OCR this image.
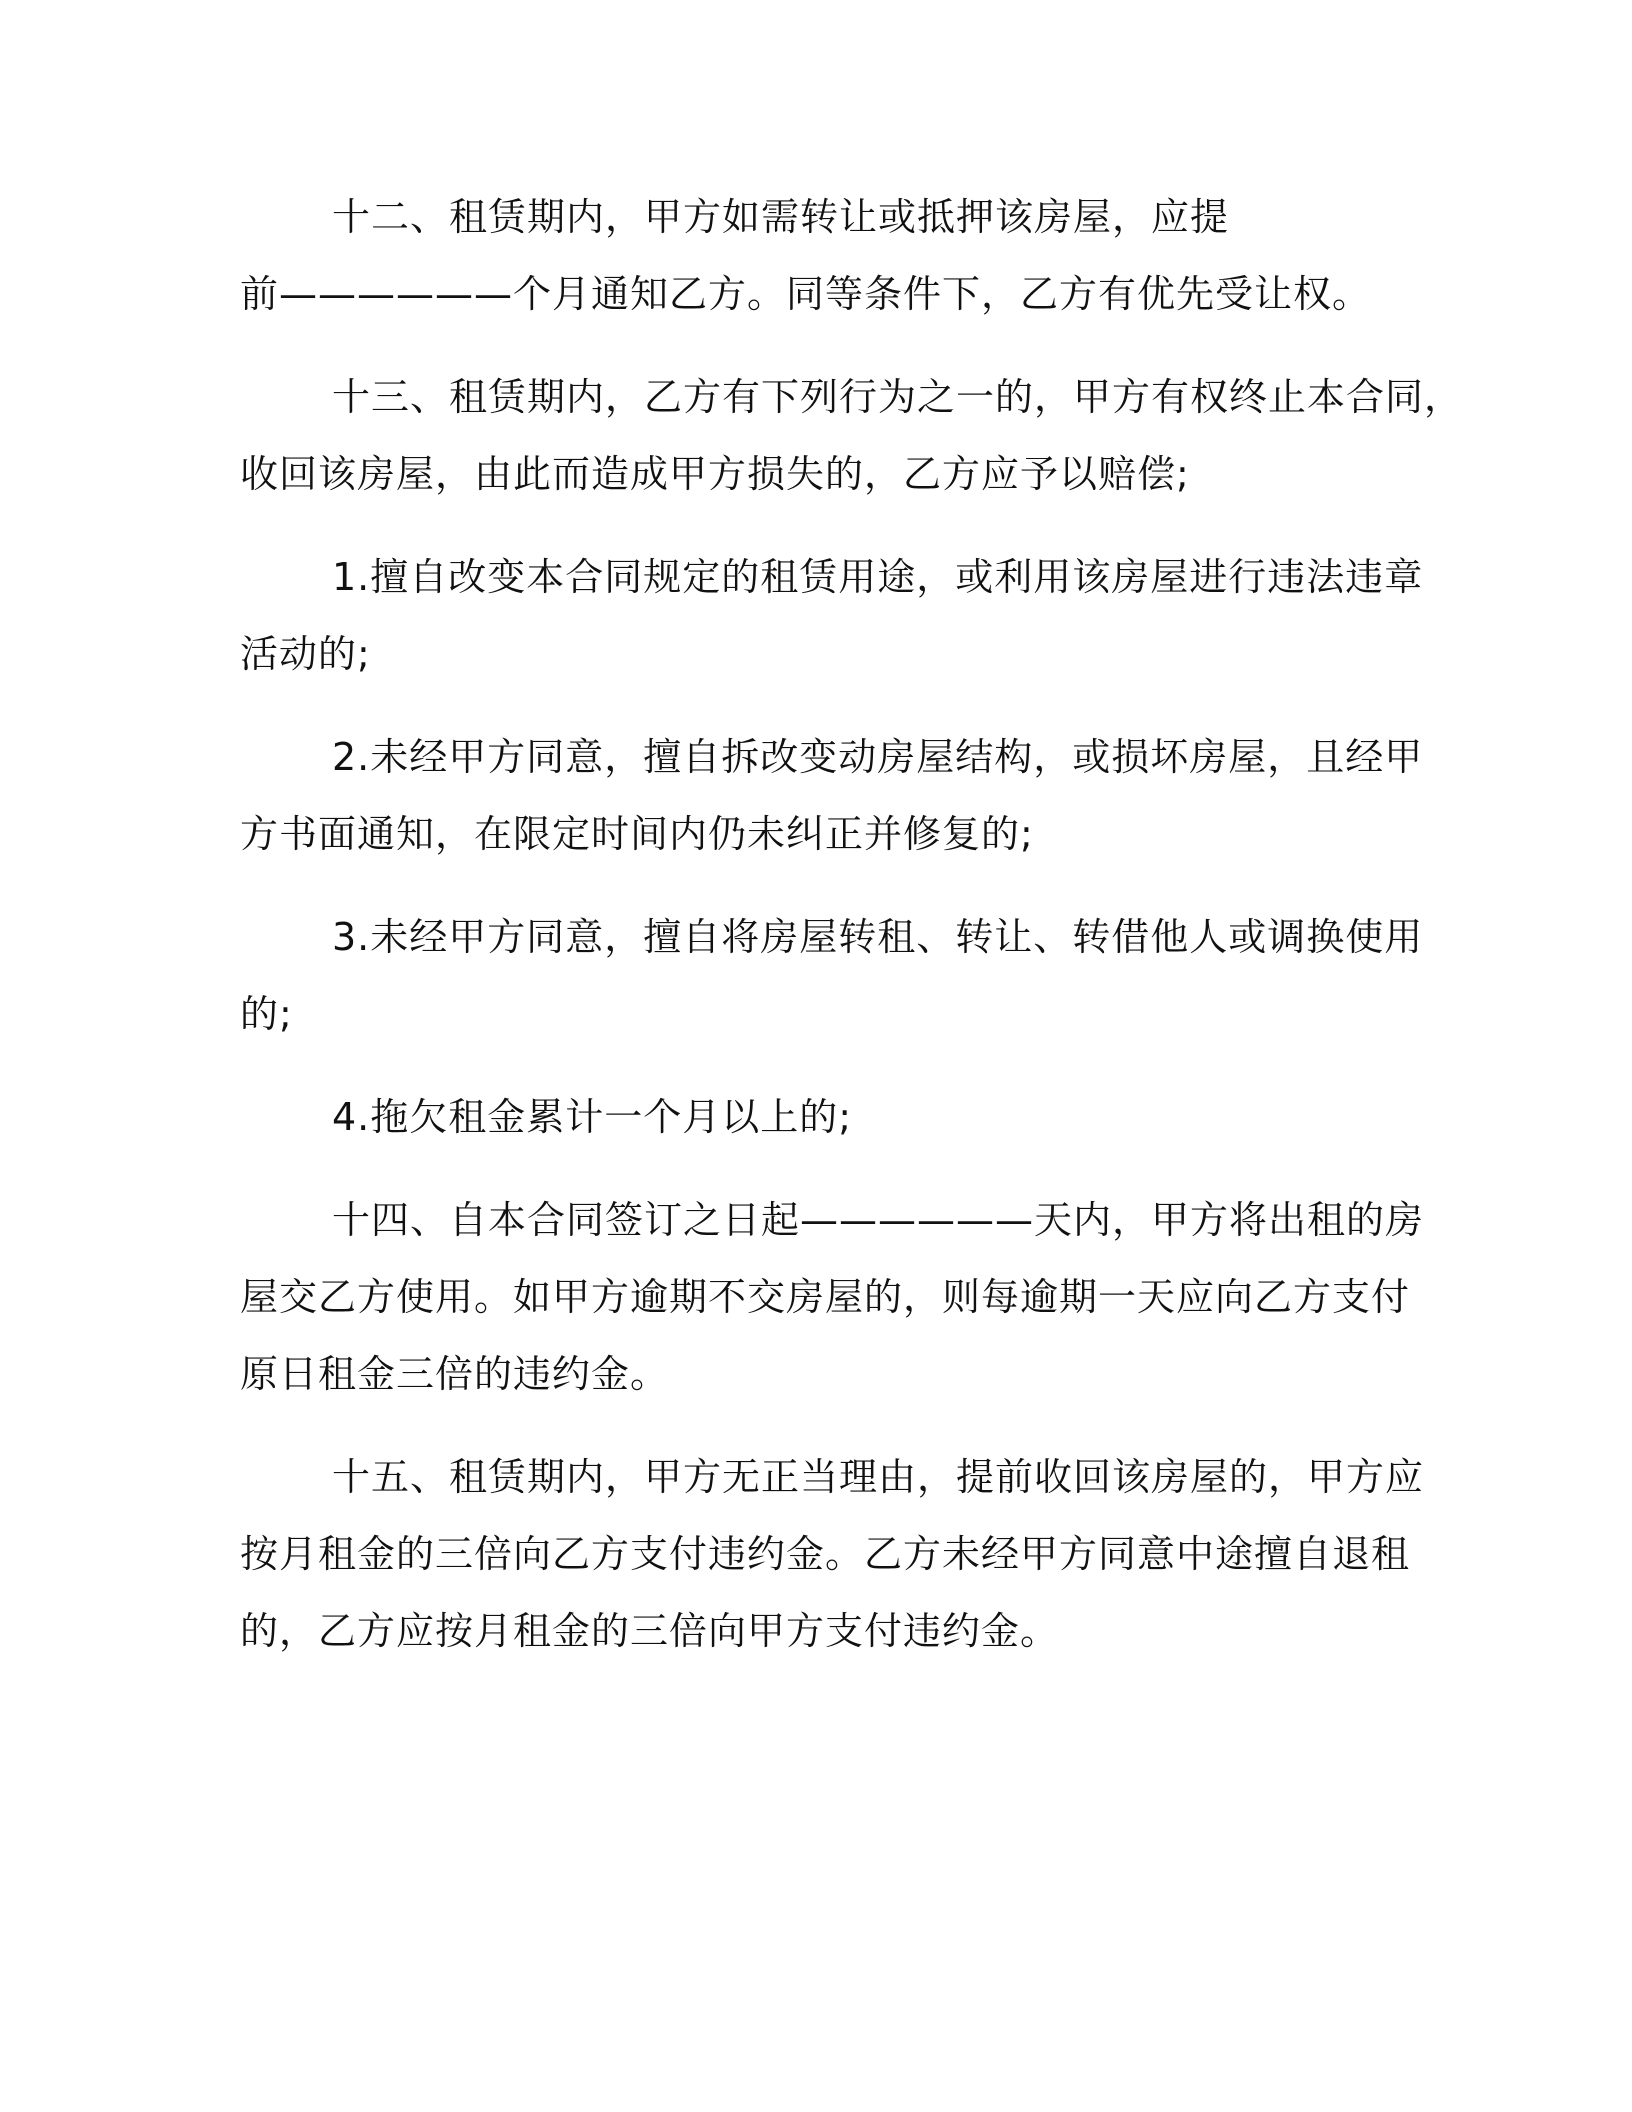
十二、租赁期内，甲方如需转让或抵押该房屋，应提
前——————个月通知乙方。同等条件下，乙方有优先受让权。
十三、租赁期内，乙方有下列行为之一的，甲方有权终止本合同，
收回该房屋，由此而造成甲方损失的，乙方应予以赔偿;
1.擅自改变本合同规定的租赁用途，或利用该房屋进行违法违章
活动的;
2.未经甲方同意，擅自拆改变动房屋结构，或损坏房屋，且经甲
方书面通知，在限定时间内仍未纠正并修复的;
3.未经甲方同意，擅自将房屋转租、转让、转借他人或调换使用
的;
4.拖欠租金累计一个月以上的;
十四、自本合同签订之日起——————天内，甲方将出租的房
屋交乙方使用。如甲方逾期不交房屋的，则每逾期一天应向乙方支付
原日租金三倍的违约金。
十五、租赁期内，甲方无正当理由，提前收回该房屋的，甲方应
按月租金的三倍向乙方支付违约金。乙方未经甲方同意中途擅自退租
的，乙方应按月租金的三倍向甲方支付违约金。
